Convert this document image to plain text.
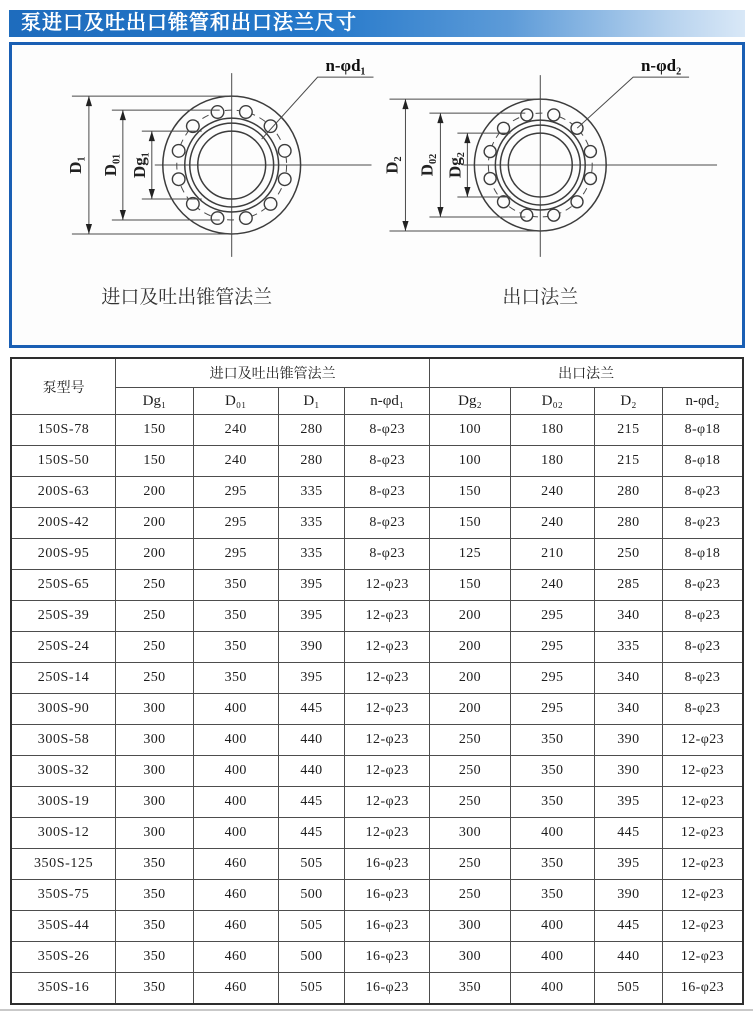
泵进口及吐出口锥管和出口法兰尺寸
D₁ D₀₁ Dg₁
n-φd₁
进口及吐出锥管法兰
D₂ D₀₂ Dg₂
n-φd₂
出口法兰
泵型号	进口及吐出锥管法兰				出口法兰			
	Dg₁	D₀₁	D₁	n-φd₁	Dg₂	D₀₂	D₂	n-φd₂
150S-78	150	240	280	8-φ23	100	180	215	8-φ18
150S-50	150	240	280	8-φ23	100	180	215	8-φ18
200S-63	200	295	335	8-φ23	150	240	280	8-φ23
200S-42	200	295	335	8-φ23	150	240	280	8-φ23
200S-95	200	295	335	8-φ23	125	210	250	8-φ18
250S-65	250	350	395	12-φ23	150	240	285	8-φ23
250S-39	250	350	395	12-φ23	200	295	340	8-φ23
250S-24	250	350	390	12-φ23	200	295	335	8-φ23
250S-14	250	350	395	12-φ23	200	295	340	8-φ23
300S-90	300	400	445	12-φ23	200	295	340	8-φ23
300S-58	300	400	440	12-φ23	250	350	390	12-φ23
300S-32	300	400	440	12-φ23	250	350	390	12-φ23
300S-19	300	400	445	12-φ23	250	350	395	12-φ23
300S-12	300	400	445	12-φ23	300	400	445	12-φ23
350S-125	350	460	505	16-φ23	250	350	395	12-φ23
350S-75	350	460	500	16-φ23	250	350	390	12-φ23
350S-44	350	460	505	16-φ23	300	400	445	12-φ23
350S-26	350	460	500	16-φ23	300	400	440	12-φ23
350S-16	350	460	505	16-φ23	350	400	505	16-φ23
